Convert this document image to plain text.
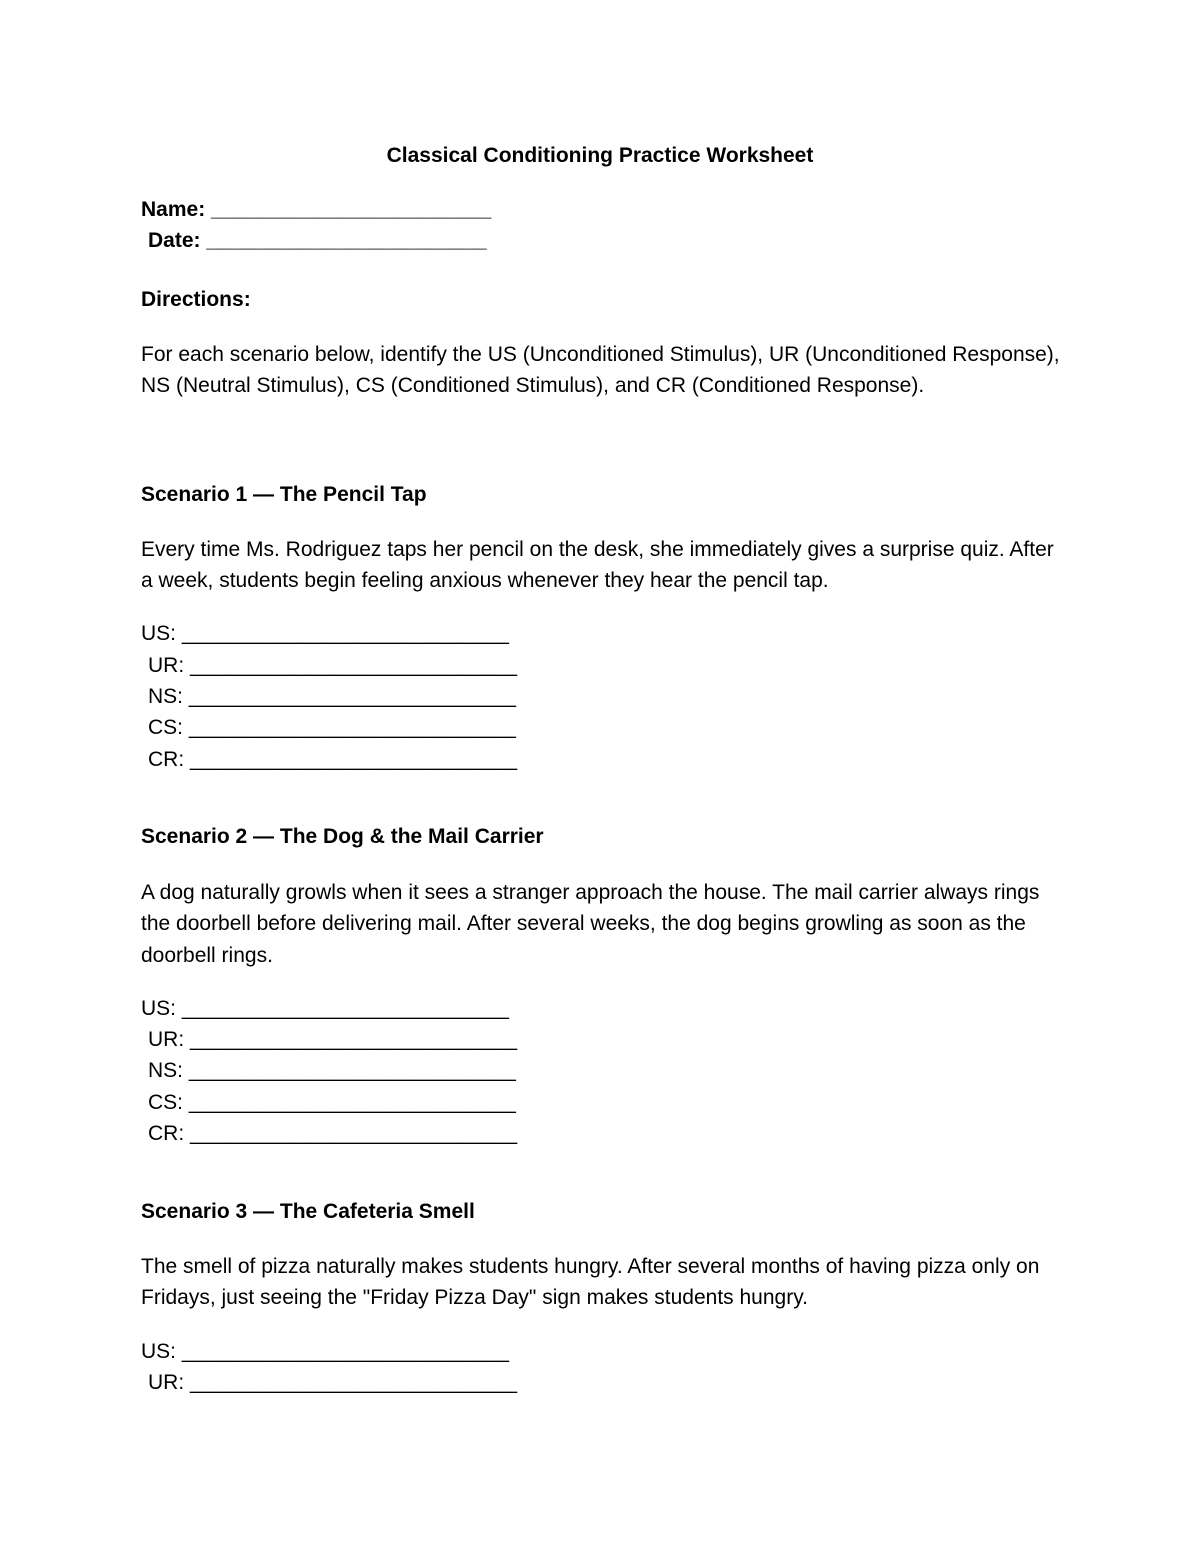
Classical Conditioning Practice Worksheet
Name: ________________________
Date: ________________________
Directions:
For each scenario below, identify the US (Unconditioned Stimulus), UR (Unconditioned Response), NS (Neutral Stimulus), CS (Conditioned Stimulus), and CR (Conditioned Response).
Scenario 1 — The Pencil Tap
Every time Ms. Rodriguez taps her pencil on the desk, she immediately gives a surprise quiz. After a week, students begin feeling anxious whenever they hear the pencil tap.
US: ____________________________
UR: ____________________________
NS: ____________________________
CS: ____________________________
CR: ____________________________
Scenario 2 — The Dog & the Mail Carrier
A dog naturally growls when it sees a stranger approach the house. The mail carrier always rings the doorbell before delivering mail. After several weeks, the dog begins growling as soon as the doorbell rings.
US: ____________________________
UR: ____________________________
NS: ____________________________
CS: ____________________________
CR: ____________________________
Scenario 3 — The Cafeteria Smell
The smell of pizza naturally makes students hungry. After several months of having pizza only on Fridays, just seeing the "Friday Pizza Day" sign makes students hungry.
US: ____________________________
UR: ____________________________
